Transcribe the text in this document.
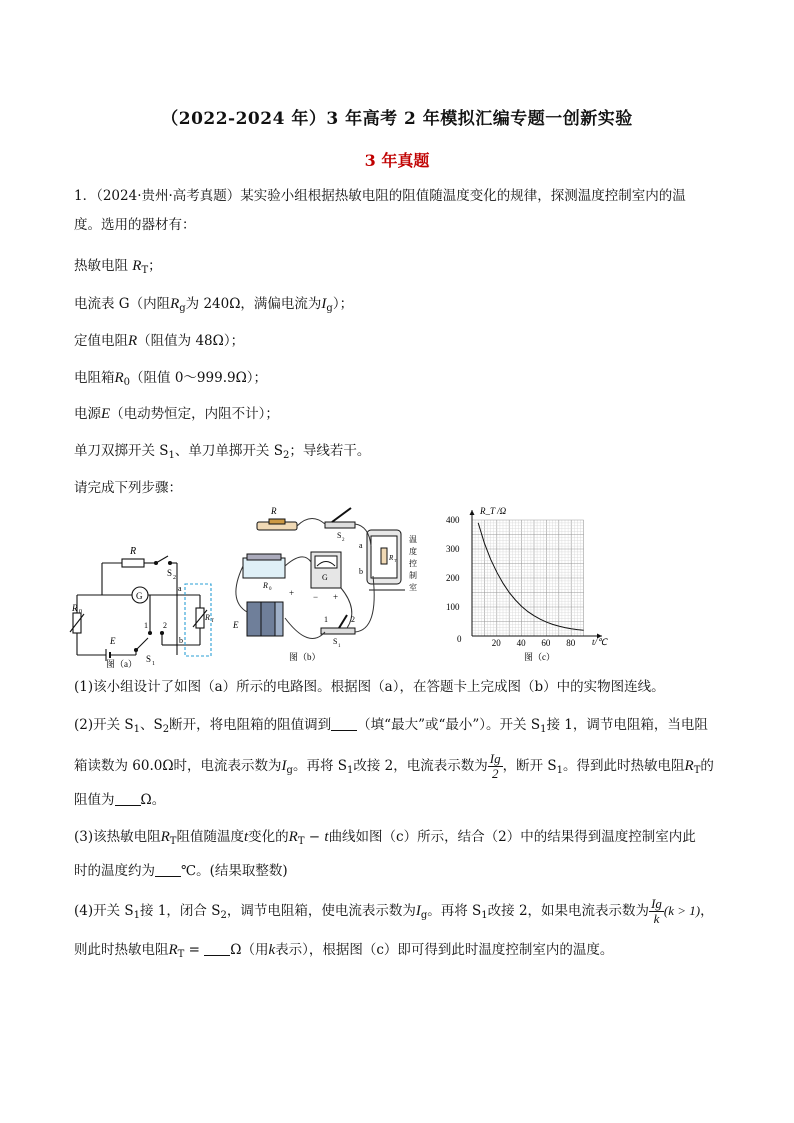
（2022-2024 年）3 年高考 2 年模拟汇编专题一创新实验
3 年真题
1．（2024·贵州·高考真题）某实验小组根据热敏电阻的阻值随温度变化的规律，探测温度控制室内的温
度。选用的器材有：
热敏电阻 $R_T$；
电流表 G（内阻$R_g$为 240Ω，满偏电流为$I_g$）；
定值电阻R（阻值为 48Ω）；
电阻箱$R_0$（阻值 0～999.9Ω）；
电源E（电动势恒定，内阻不计）；
单刀双掷开关 $S_1$、单刀单掷开关 $S_2$；导线若干。
请完成下列步骤：
R
S 2
G
R 0
a
b
R T
1 2
S 1
E
图（a）
R
S
2
a
b
R T
温
度
控
制
室
R 0
G
− +
E
+
1	2
S
1
图（b）
20 40 60 80
100
200
300
400
R_T /Ω
t/℃
0
图（c）
(1)该小组设计了如图（a）所示的电路图。根据图（a），在答题卡上完成图（b）中的实物图连线。
(2)开关 $S_1$、$S_2$断开，将电阻箱的阻值调到 （填“最大”或“最小”）。开关 $S_1$接 1，调节电阻箱，当电阻
箱读数为 60.0Ω时，电流表示数为$I_g$。再将 $S_1$改接 2，电流表示数为 $\frac{Ig}{2}$ ，断开 $S_1$。得到此时热敏电阻$R_T$的
阻值为 Ω。
(3)该热敏电阻$R_T$阻值随温度t变化的$R_T - t$曲线如图（c）所示，结合（2）中的结果得到温度控制室内此
时的温度约为 ℃。(结果取整数)
(4)开关 $S_1$接 1，闭合 $S_2$，调节电阻箱，使电流表示数为$I_g$。再将 $S_1$改接 2，如果电流表示数为 $\frac{Ig}{k} (k > 1)$，
则此时热敏电阻$R_T = \Omega$（用k表示），根据图（c）即可得到此时温度控制室内的温度。
